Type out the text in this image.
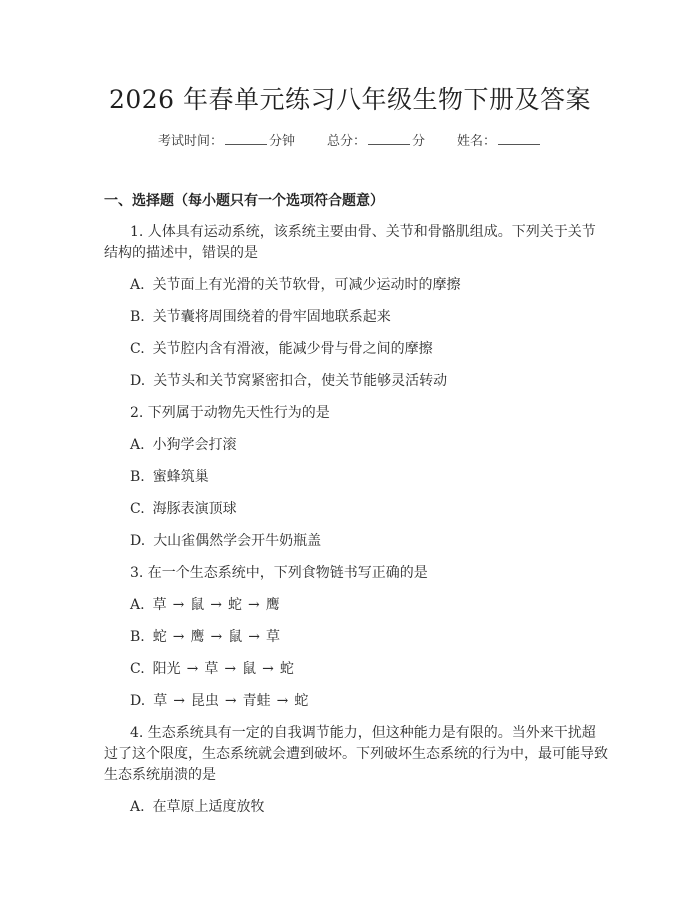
2026 年春单元练习八年级生物下册及答案
考试时间：	分钟 总分：	分 姓名：
一、选择题（每小题只有一个选项符合题意）
1. 人体具有运动系统，该系统主要由骨、关节和骨骼肌组成。下列关于关节
结构的描述中，错误的是
A. 关节面上有光滑的关节软骨，可减少运动时的摩擦
B. 关节囊将周围绕着的骨牢固地联系起来
C. 关节腔内含有滑液，能减少骨与骨之间的摩擦
D. 关节头和关节窝紧密扣合，使关节能够灵活转动
2. 下列属于动物先天性行为的是
A. 小狗学会打滚
B. 蜜蜂筑巢
C. 海豚表演顶球
D. 大山雀偶然学会开牛奶瓶盖
3. 在一个生态系统中，下列食物链书写正确的是
A. 草 → 鼠 → 蛇 → 鹰
B. 蛇 → 鹰 → 鼠 → 草
C. 阳光 → 草 → 鼠 → 蛇
D. 草 → 昆虫 → 青蛙 → 蛇
4. 生态系统具有一定的自我调节能力，但这种能力是有限的。当外来干扰超
过了这个限度，生态系统就会遭到破坏。下列破坏生态系统的行为中，最可能导致
生态系统崩溃的是
A. 在草原上适度放牧
